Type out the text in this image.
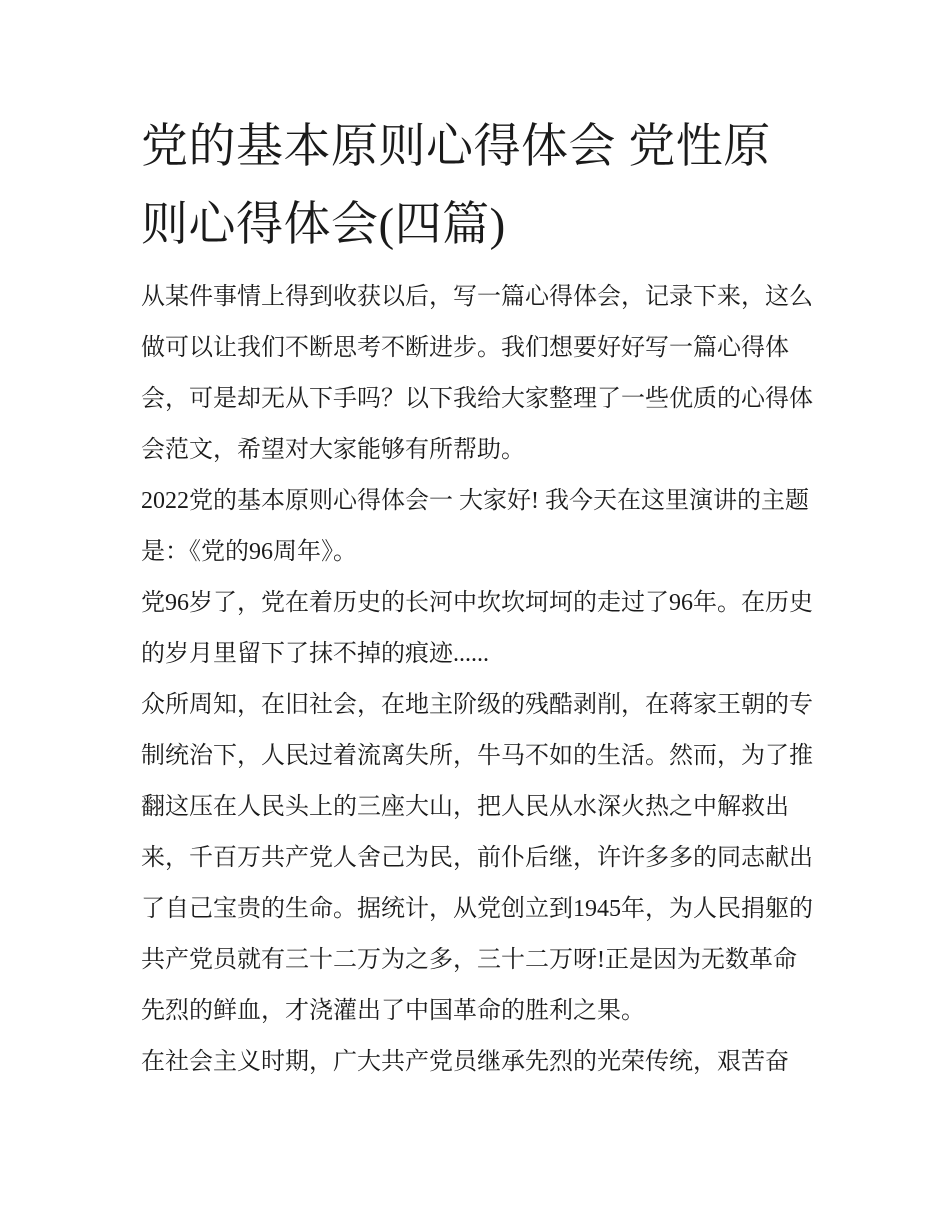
党的基本原则心得体会 党性原则心得体会(四篇)

从某件事情上得到收获以后，写一篇心得体会，记录下来，这么做可以让我们不断思考不断进步。我们想要好好写一篇心得体会，可是却无从下手吗？以下我给大家整理了一些优质的心得体会范文，希望对大家能够有所帮助。

2022党的基本原则心得体会一 大家好! 我今天在这里演讲的主题是：《党的96周年》。

党96岁了，党在着历史的长河中坎坎坷坷的走过了96年。在历史的岁月里留下了抹不掉的痕迹......

众所周知，在旧社会，在地主阶级的残酷剥削，在蒋家王朝的专制统治下，人民过着流离失所，牛马不如的生活。然而，为了推翻这压在人民头上的三座大山，把人民从水深火热之中解救出来，千百万共产党人舍己为民，前仆后继，许许多多的同志献出了自己宝贵的生命。据统计，从党创立到1945年，为人民捐躯的共产党员就有三十二万为之多，三十二万呀!正是因为无数革命先烈的鲜血，才浇灌出了中国革命的胜利之果。

在社会主义时期，广大共产党员继承先烈的光荣传统，艰苦奋
